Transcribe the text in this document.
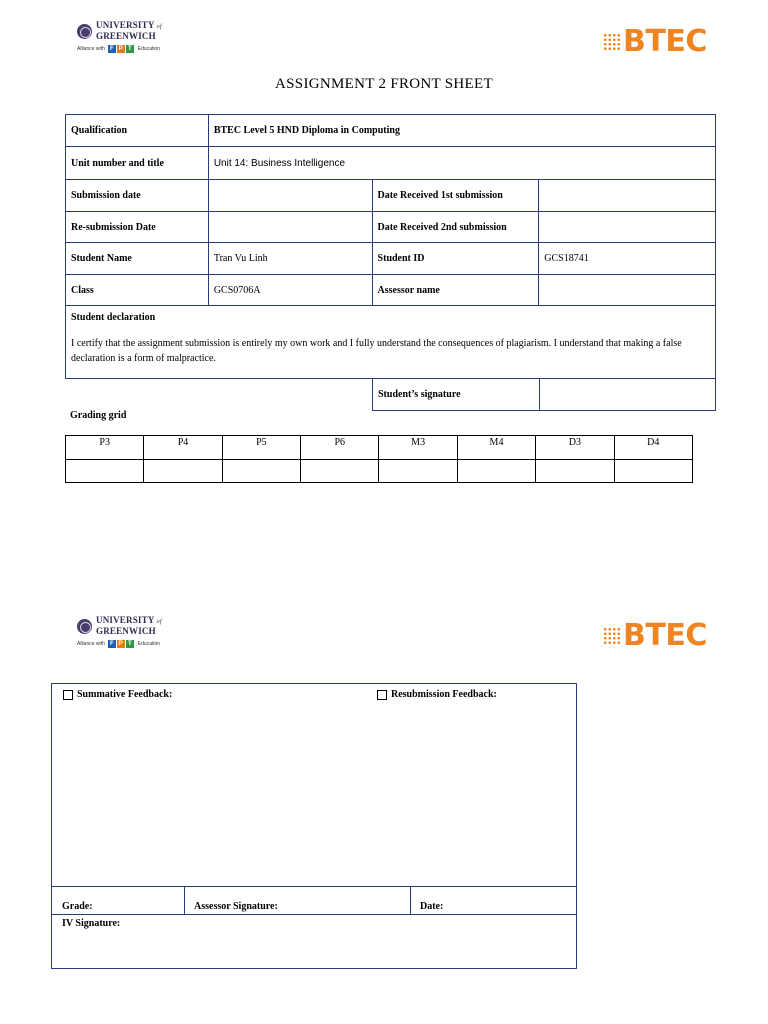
UNIVERSITY of
GREENWICH
Alliance with F P T	Education	BTEC
ASSIGNMENT 2 FRONT SHEET
Qualification	BTEC Level 5 HND Diploma in Computing		
Unit number and title	Unit 14: Business Intelligence		
Submission date		Date Received 1st submission	
Re-submission Date		Date Received 2nd submission	
Student Name	Tran Vu Linh	Student ID	GCS18741
Class	GCS0706A	Assessor name	

Student declaration
I certify that the assignment submission is entirely my own work and I fully understand the consequences of plagiarism. I understand that making a false declaration is a form of malpractice.			
Student’s signature	
Grading grid
P3	P4	P5	P6	M3	M4	D3	D4

UNIVERSITY of
GREENWICH
Alliance with F P T	Education	BTEC
Summative Feedback:	Resubmission Feedback:
Grade:	Assessor Signature:	Date:
IV Signature:
